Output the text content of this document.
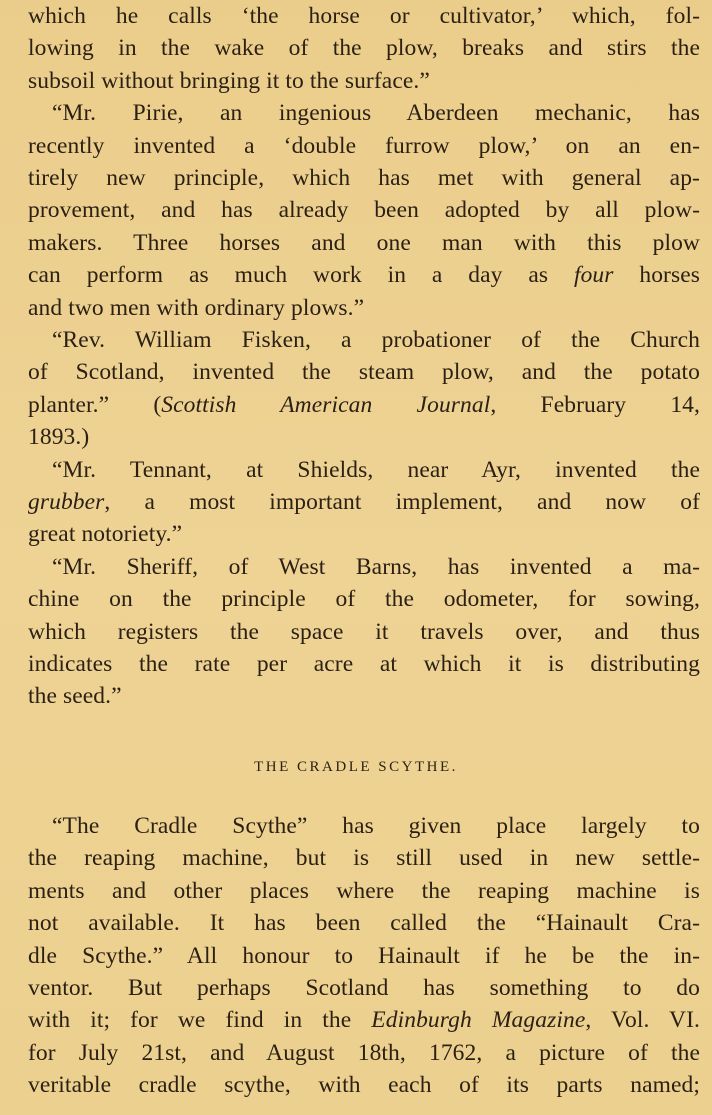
which he calls ‘the horse or cultivator,’ which, fol-
lowing in the wake of the plow, breaks and stirs the
subsoil without bringing it to the surface.”
“Mr. Pirie, an ingenious Aberdeen mechanic, has
recently invented a ‘double furrow plow,’ on an en-
tirely new principle, which has met with general ap-
provement, and has already been adopted by all plow-
makers. Three horses and one man with this plow
can perform as much work in a day as four horses
and two men with ordinary plows.”
“Rev. William Fisken, a probationer of the Church
of Scotland, invented the steam plow, and the potato
planter.” (Scottish American Journal, February 14,
1893.)
“Mr. Tennant, at Shields, near Ayr, invented the
grubber, a most important implement, and now of
great notoriety.”
“Mr. Sheriff, of West Barns, has invented a ma-
chine on the principle of the odometer, for sowing,
which registers the space it travels over, and thus
indicates the rate per acre at which it is distributing
the seed.”
THE CRADLE SCYTHE.
“The Cradle Scythe” has given place largely to
the reaping machine, but is still used in new settle-
ments and other places where the reaping machine is
not available. It has been called the “Hainault Cra-
dle Scythe.” All honour to Hainault if he be the in-
ventor. But perhaps Scotland has something to do
with it; for we find in the Edinburgh Magazine, Vol. VI.
for July 21st, and August 18th, 1762, a picture of the
veritable cradle scythe, with each of its parts named;
